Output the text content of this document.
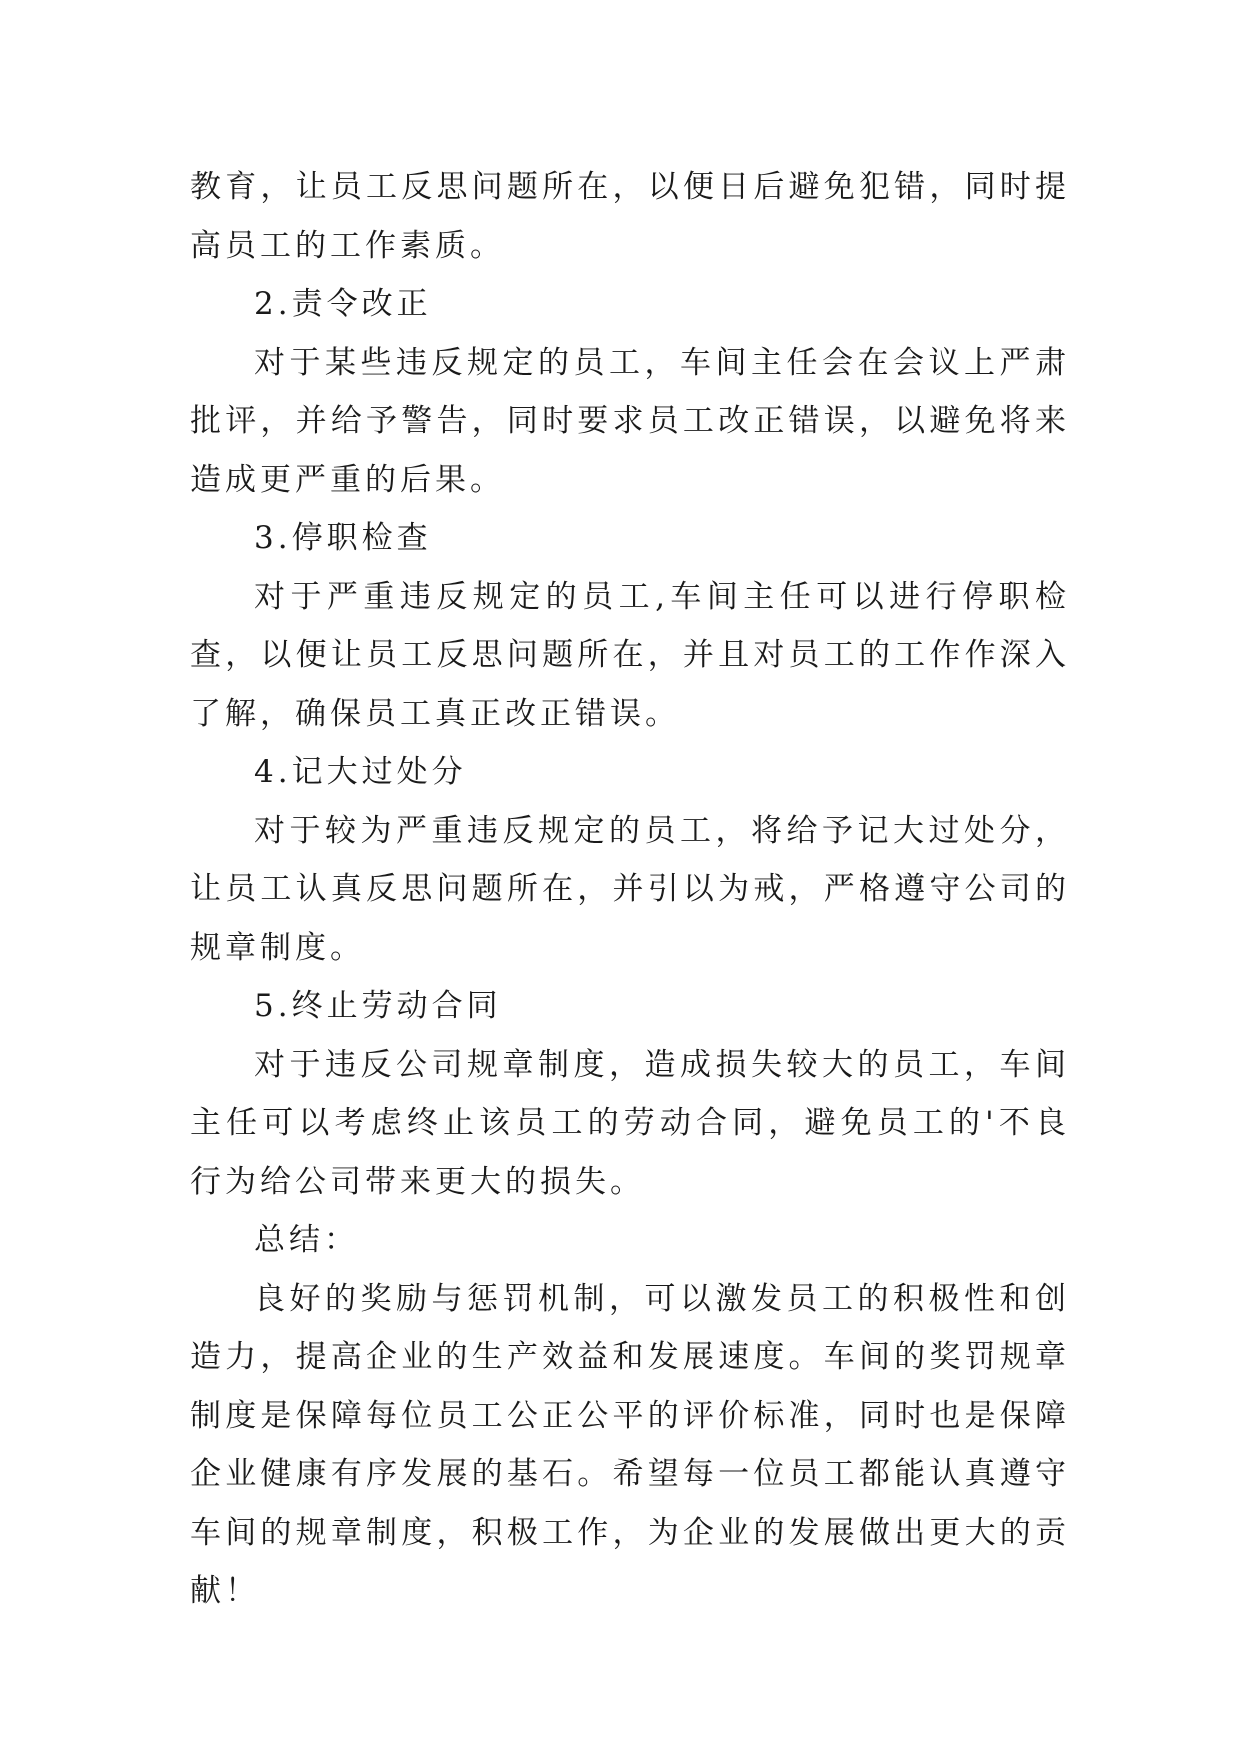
教育，让员工反思问题所在，以便日后避免犯错，同时提高员工的工作素质。

2.责令改正

对于某些违反规定的员工，车间主任会在会议上严肃批评，并给予警告，同时要求员工改正错误，以避免将来造成更严重的后果。

3.停职检查

对于严重违反规定的员工,车间主任可以进行停职检查，以便让员工反思问题所在，并且对员工的工作作深入了解，确保员工真正改正错误。

4.记大过处分

对于较为严重违反规定的员工，将给予记大过处分，让员工认真反思问题所在，并引以为戒，严格遵守公司的规章制度。

5.终止劳动合同

对于违反公司规章制度，造成损失较大的员工，车间主任可以考虑终止该员工的劳动合同，避免员工的'不良行为给公司带来更大的损失。

总结：

良好的奖励与惩罚机制，可以激发员工的积极性和创造力，提高企业的生产效益和发展速度。车间的奖罚规章制度是保障每位员工公正公平的评价标准，同时也是保障企业健康有序发展的基石。希望每一位员工都能认真遵守车间的规章制度，积极工作，为企业的发展做出更大的贡献！
